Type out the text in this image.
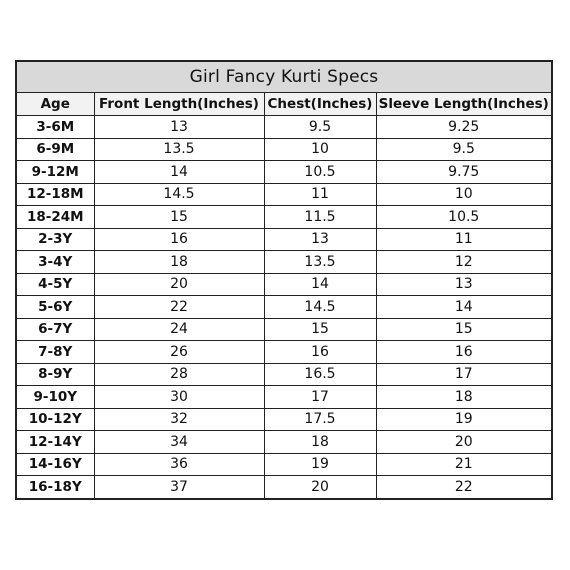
Girl Fancy Kurti Specs			
Age	Front Length(Inches)	Chest(Inches)	Sleeve Length(Inches)
3-6M	13	9.5	9.25
6-9M	13.5	10	9.5
9-12M	14	10.5	9.75
12-18M	14.5	11	10
18-24M	15	11.5	10.5
2-3Y	16	13	11
3-4Y	18	13.5	12
4-5Y	20	14	13
5-6Y	22	14.5	14
6-7Y	24	15	15
7-8Y	26	16	16
8-9Y	28	16.5	17
9-10Y	30	17	18
10-12Y	32	17.5	19
12-14Y	34	18	20
14-16Y	36	19	21
16-18Y	37	20	22
